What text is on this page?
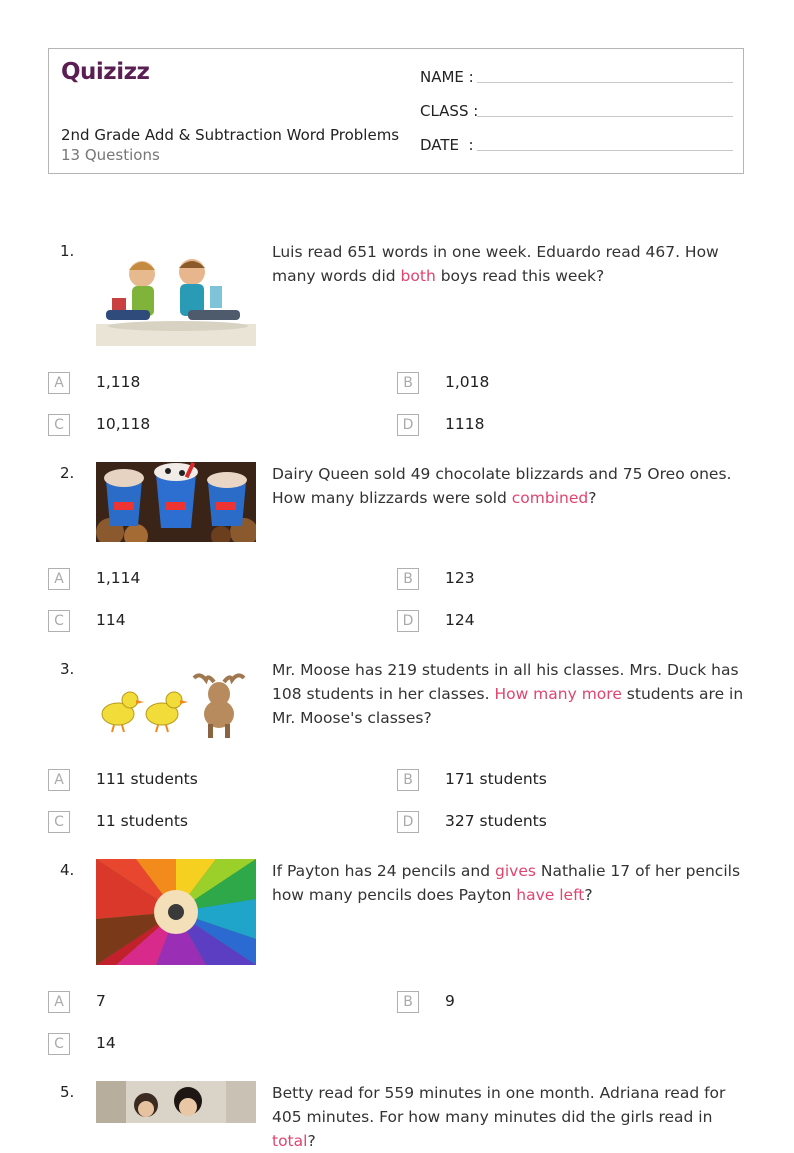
Quizizz
2nd Grade Add & Subtraction Word Problems
13 Questions
NAME :
CLASS :
DATE  :
1.	Luis read 651 words in one week. Eduardo read 467. How many words did both boys read this week?
A	1,118	B	1,018
C	10,118	D	1118
2.	Dairy Queen sold 49 chocolate blizzards and 75 Oreo ones. How many blizzards were sold combined?
A	1,114	B	123
C	114	D	124
3.	Mr. Moose has 219 students in all his classes. Mrs. Duck has 108 students in her classes. How many more students are in Mr. Moose's classes?
A	111 students	B	171 students
C	11 students	D	327 students
4.	If Payton has 24 pencils and gives Nathalie 17 of her pencils how many pencils does Payton have left?
A	7	B	9
C	14
5.	Betty read for 559 minutes in one month. Adriana read for 405 minutes. For how many minutes did the girls read in total?
